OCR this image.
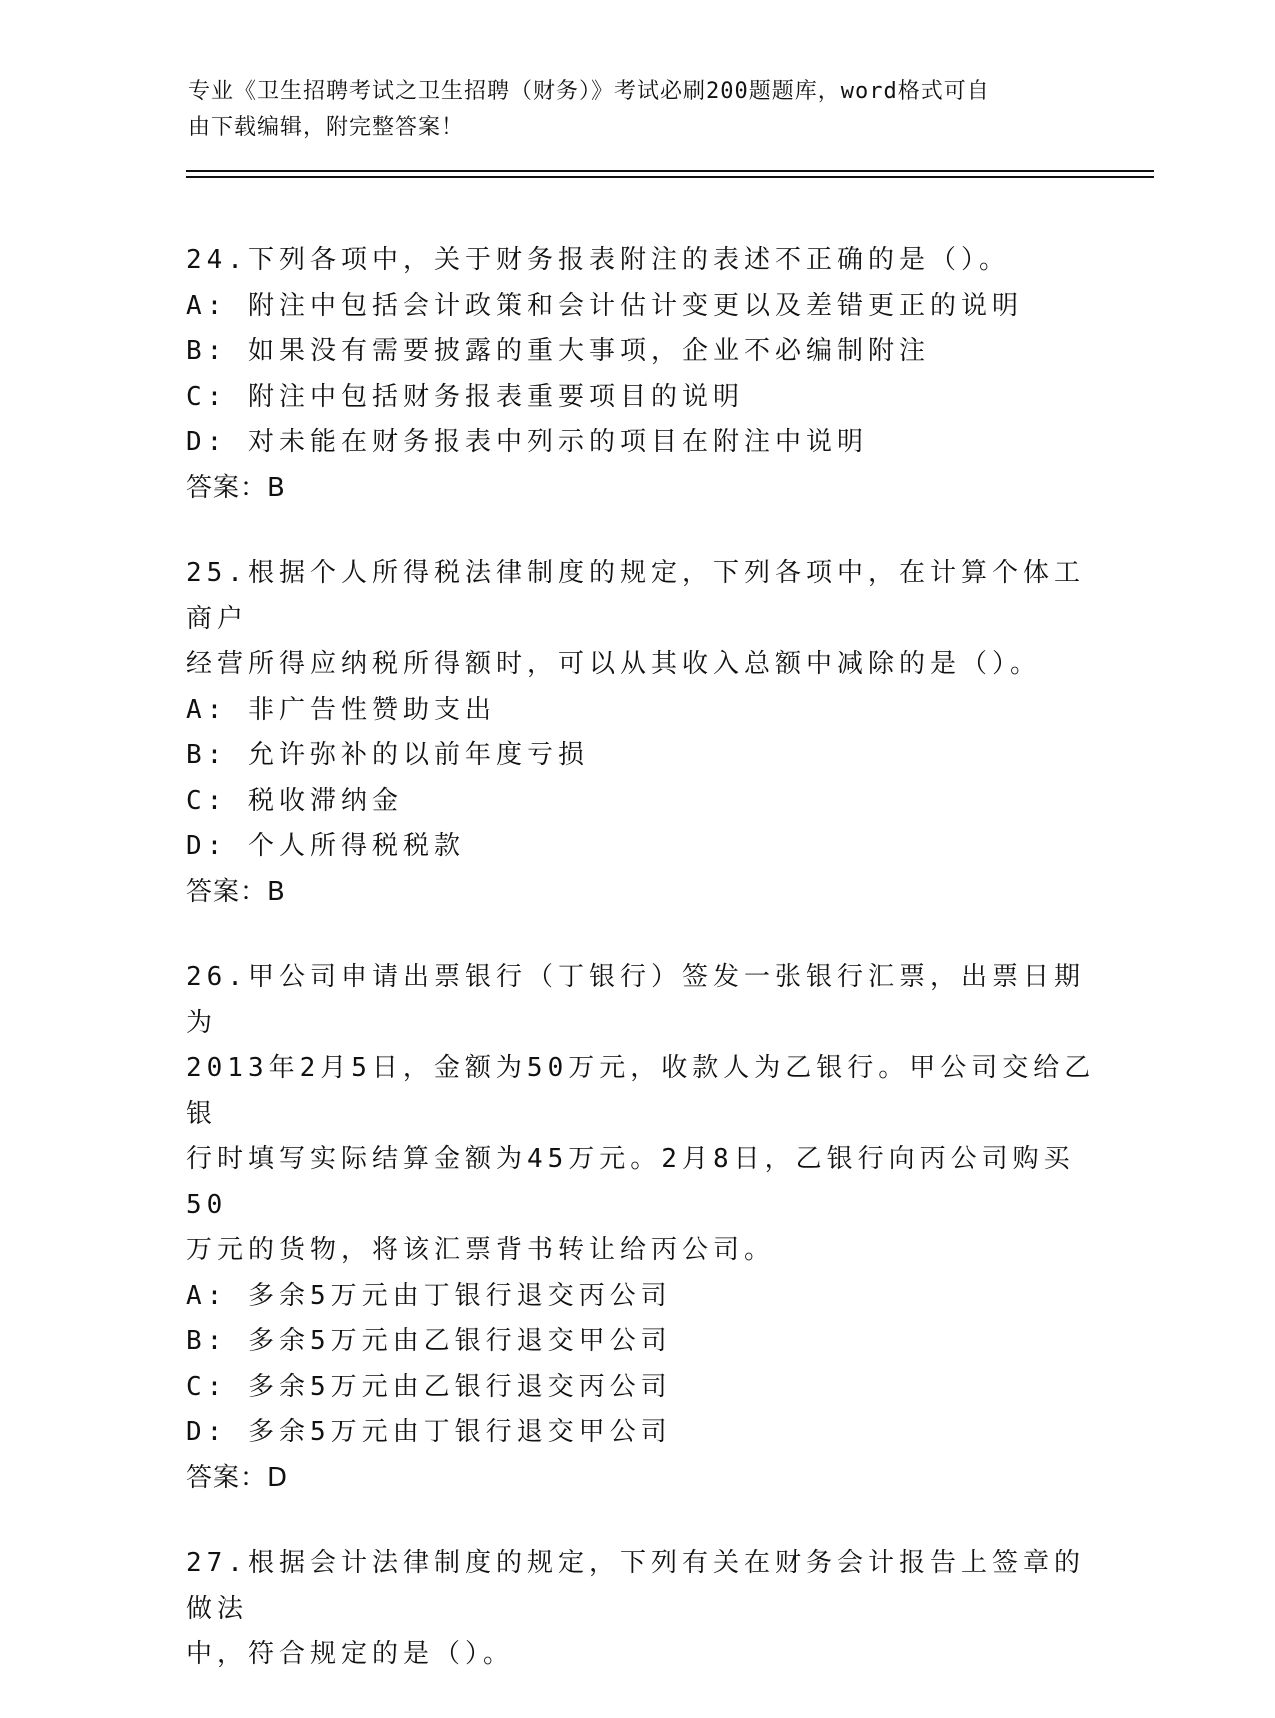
专业《卫生招聘考试之卫生招聘（财务）》考试必刷200题题库，word格式可自
由下载编辑，附完整答案！
24.下列各项中，关于财务报表附注的表述不正确的是（）。
A: 附注中包括会计政策和会计估计变更以及差错更正的说明
B: 如果没有需要披露的重大事项，企业不必编制附注
C: 附注中包括财务报表重要项目的说明
D: 对未能在财务报表中列示的项目在附注中说明
答案：B
25.根据个人所得税法律制度的规定，下列各项中，在计算个体工商户
经营所得应纳税所得额时，可以从其收入总额中减除的是（）。
A: 非广告性赞助支出
B: 允许弥补的以前年度亏损
C: 税收滞纳金
D: 个人所得税税款
答案：B
26.甲公司申请出票银行（丁银行）签发一张银行汇票，出票日期为
2013年2月5日，金额为50万元，收款人为乙银行。甲公司交给乙银
行时填写实际结算金额为45万元。2月8日，乙银行向丙公司购买50
万元的货物，将该汇票背书转让给丙公司。
A: 多余5万元由丁银行退交丙公司
B: 多余5万元由乙银行退交甲公司
C: 多余5万元由乙银行退交丙公司
D: 多余5万元由丁银行退交甲公司
答案：D
27.根据会计法律制度的规定，下列有关在财务会计报告上签章的做法
中，符合规定的是（）。
